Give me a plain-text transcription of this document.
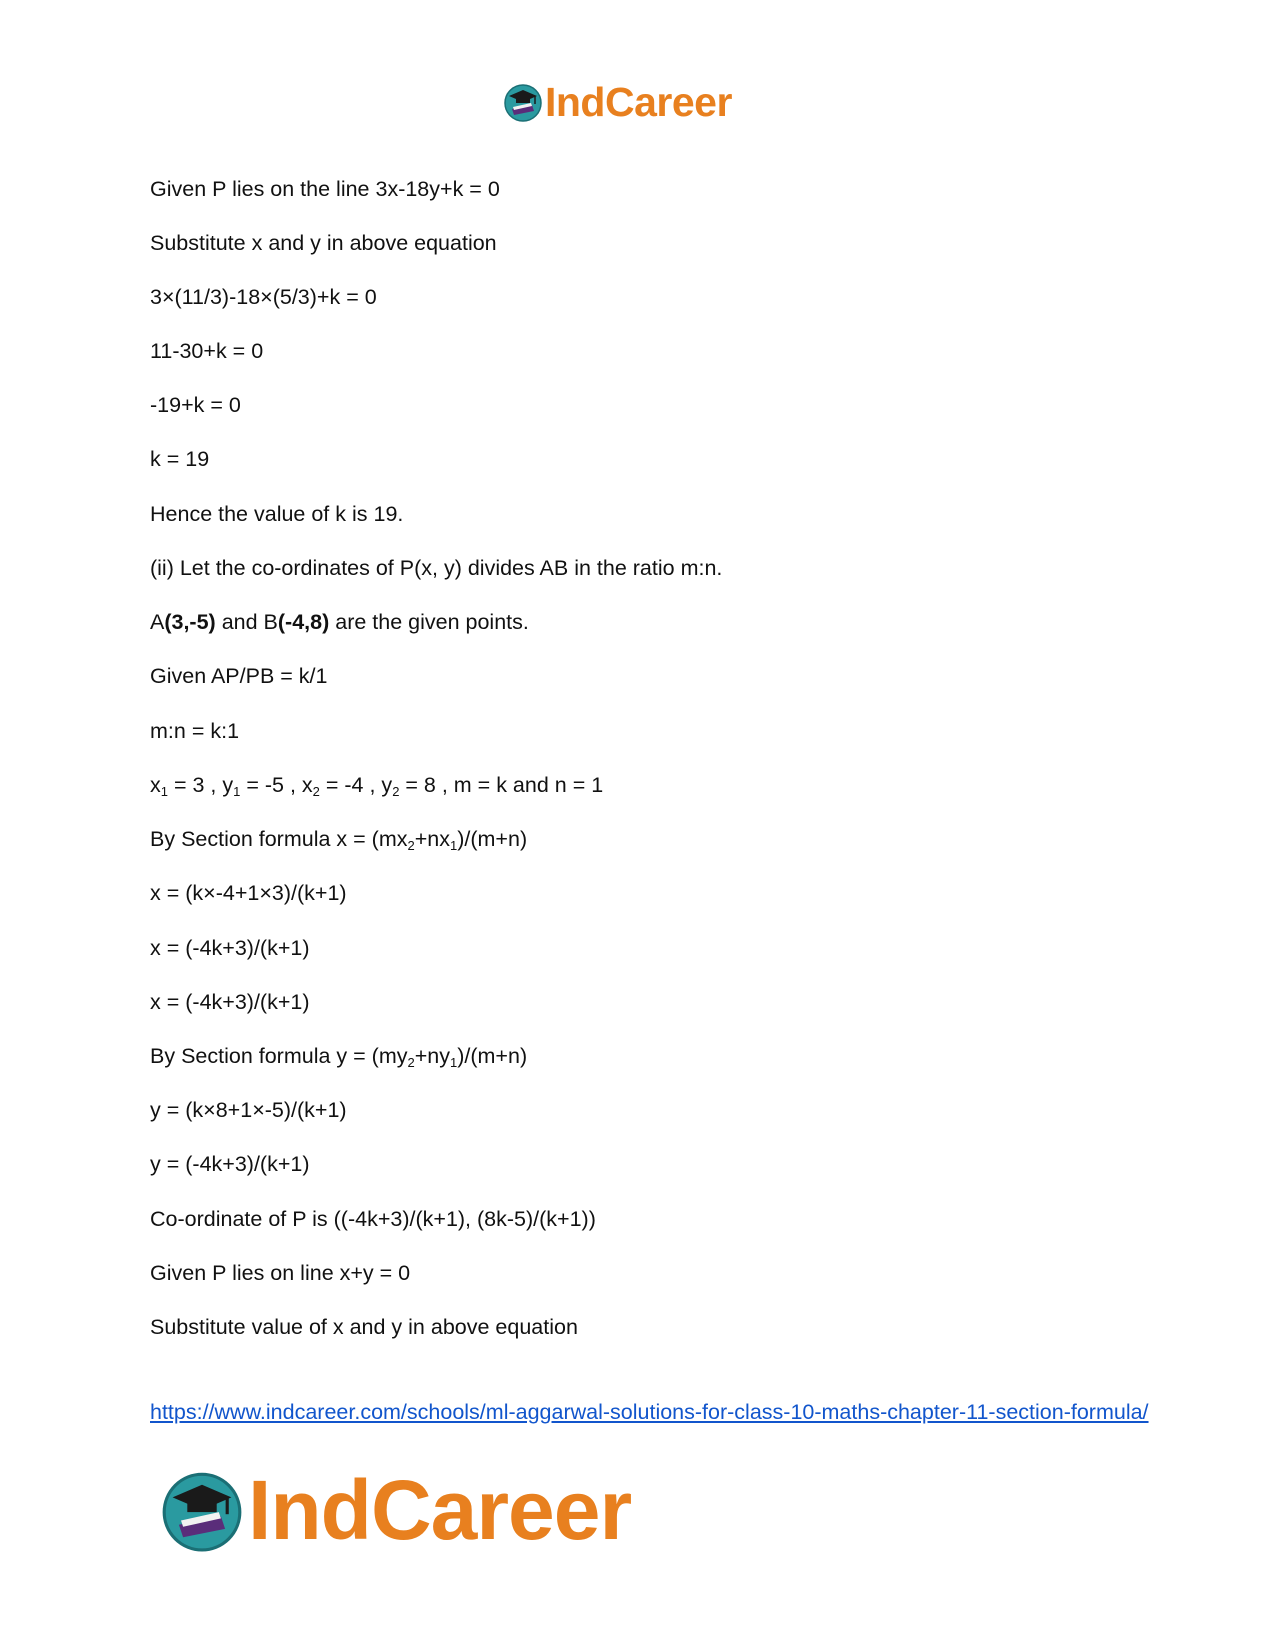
IndCareer
Given P lies on the line 3x-18y+k = 0
Substitute x and y in above equation
3×(11/3)-18×(5/3)+k = 0
11-30+k = 0
-19+k = 0
k = 19
Hence the value of k is 19.
(ii) Let the co-ordinates of P(x, y) divides AB in the ratio m:n.
A(3,-5) and B(-4,8) are the given points.
Given AP/PB = k/1
m:n = k:1
$x_1 = 3$ , $y_1 = -5$ , $x_2 = -4$ , $y_2 = 8$ , m = k and n = 1
By Section formula $x = (mx_2+nx_1)/(m+n)$
x = (k×-4+1×3)/(k+1)
x = (-4k+3)/(k+1)
x = (-4k+3)/(k+1)
By Section formula $y = (my_2+ny_1)/(m+n)$
y = (k×8+1×-5)/(k+1)
y = (-4k+3)/(k+1)
Co-ordinate of P is ((-4k+3)/(k+1), (8k-5)/(k+1))
Given P lies on line x+y = 0
Substitute value of x and y in above equation
https://www.indcareer.com/schools/ml-aggarwal-solutions-for-class-10-maths-chapter-11-section-formula/
IndCareer
